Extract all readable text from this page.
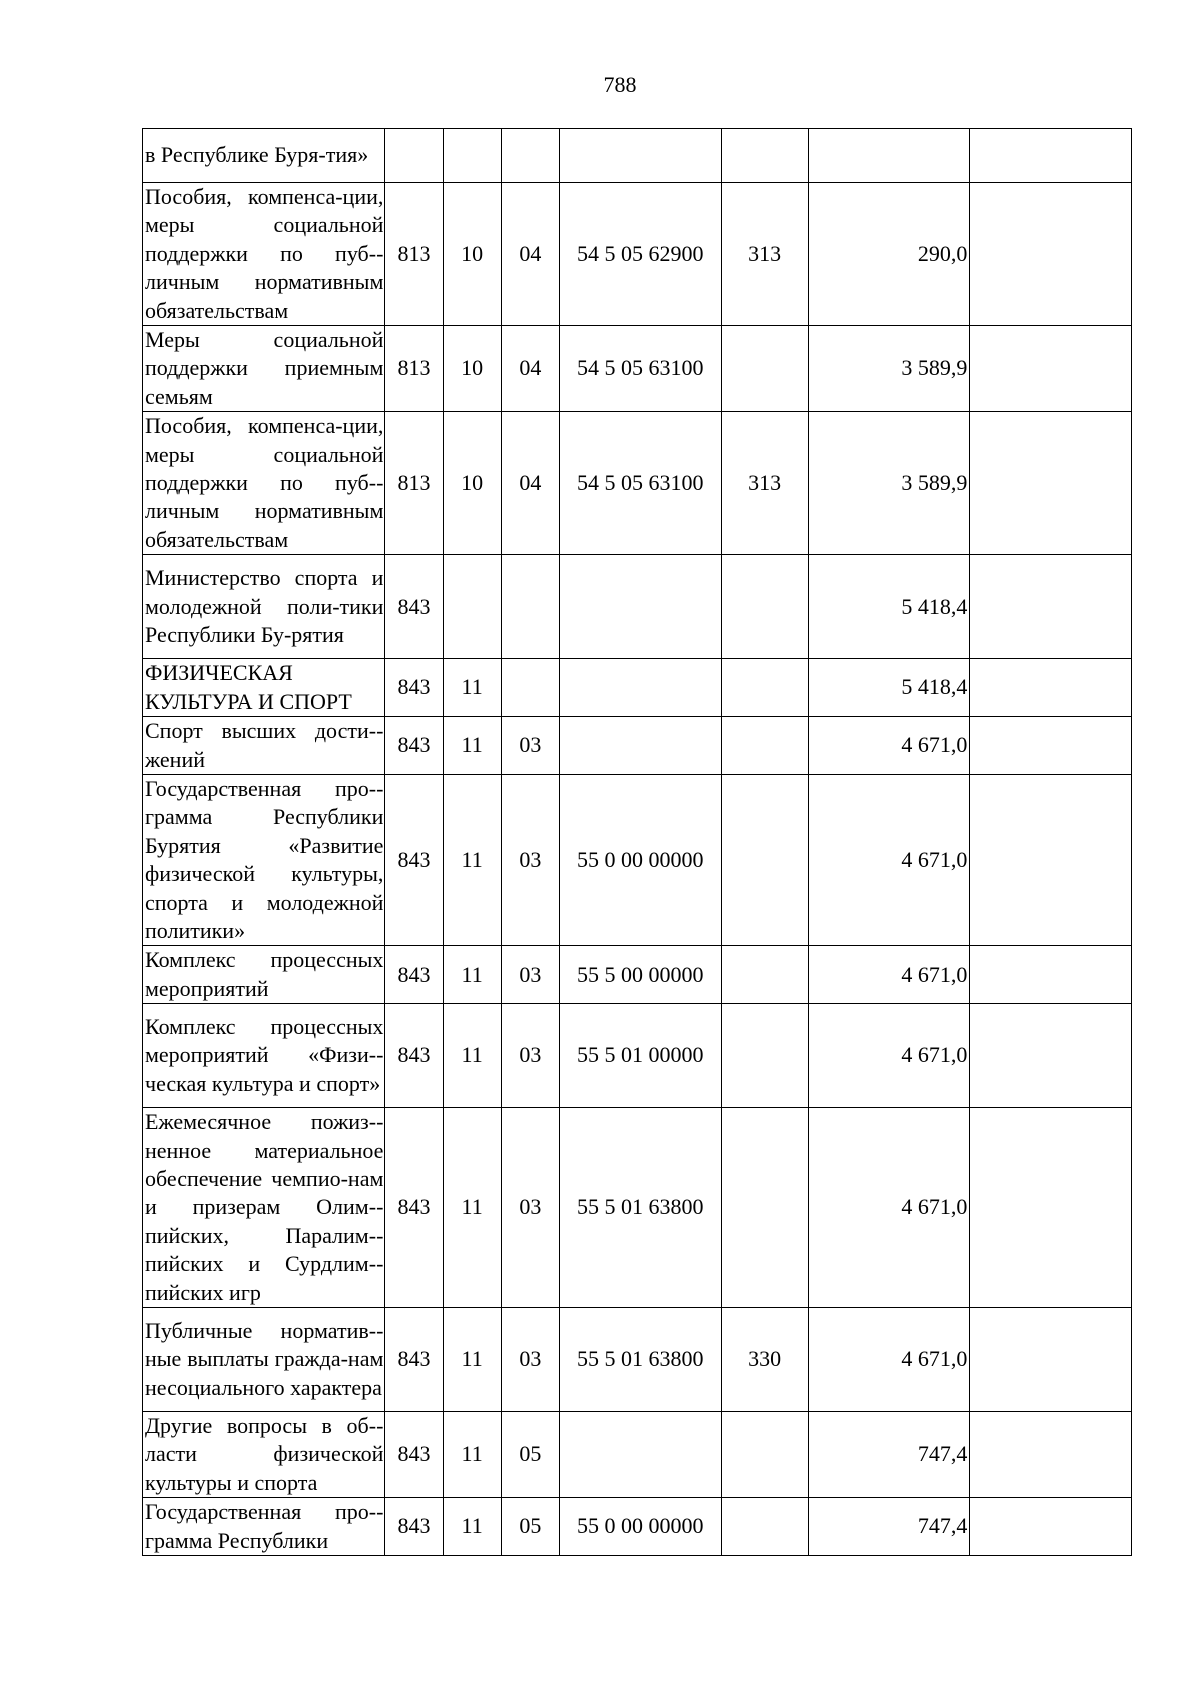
788
в Республике Буря-тия»							
Пособия, компенса-ции, меры социальной поддержки по пуб-личным нормативным обязательствам	813	10	04	54 5 05 62900	313	290,0	
Меры социальной поддержки приемным семьям	813	10	04	54 5 05 63100		3 589,9	
Пособия, компенса-ции, меры социальной поддержки по пуб-личным нормативным обязательствам	813	10	04	54 5 05 63100	313	3 589,9	
Министерство спорта и молодежной поли-тики Республики Бу-рятия	843					5 418,4	
ФИЗИЧЕСКАЯ КУЛЬТУРА И СПОРТ	843	11				5 418,4	
Спорт высших дости-жений	843	11	03			4 671,0	
Государственная про-грамма Республики Бурятия «Развитие физической культуры, спорта и молодежной политики»	843	11	03	55 0 00 00000		4 671,0	
Комплекс процессных мероприятий	843	11	03	55 5 00 00000		4 671,0	
Комплекс процессных мероприятий «Физи-ческая культура и спорт»	843	11	03	55 5 01 00000		4 671,0	
Ежемесячное пожиз-ненное материальное обеспечение чемпио-нам и призерам Олим-пийских, Паралим-пийских и Сурдлим-пийских игр	843	11	03	55 5 01 63800		4 671,0	
Публичные норматив-ные выплаты гражда-нам несоциального характера	843	11	03	55 5 01 63800	330	4 671,0	
Другие вопросы в об-ласти физической культуры и спорта	843	11	05			747,4	
Государственная про-грамма Республики	843	11	05	55 0 00 00000		747,4	
